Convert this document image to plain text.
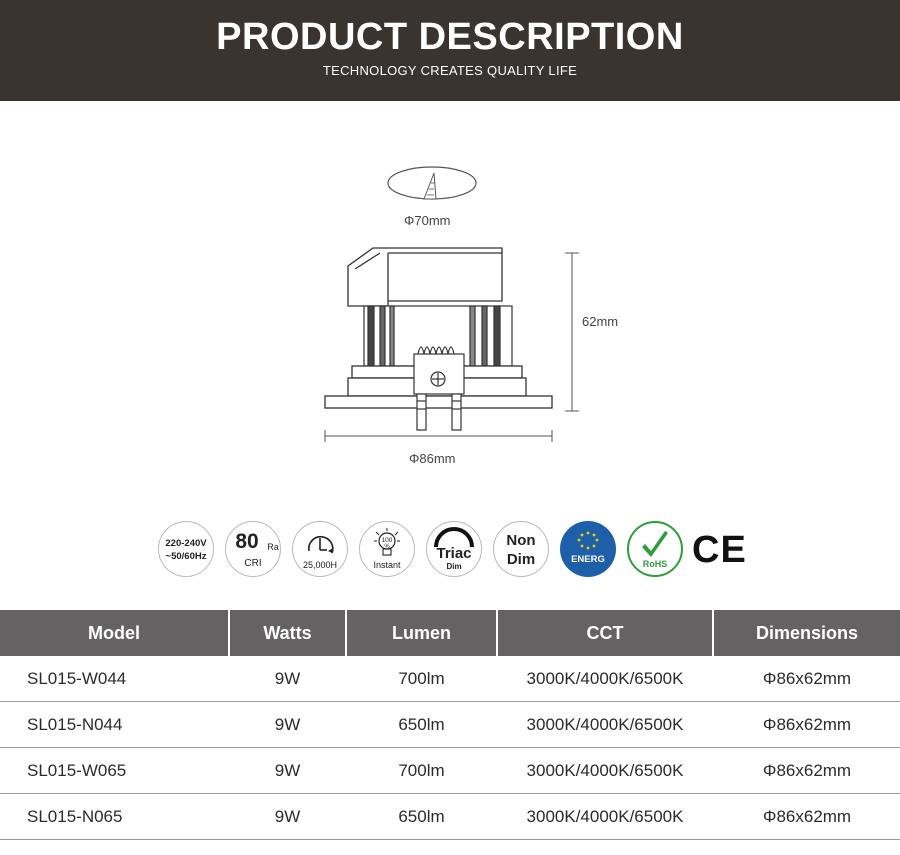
PRODUCT DESCRIPTION
TECHNOLOGY CREATES QUALITY LIFE
Φ70mm
62mm
Φ86mm
220-240V
~50/60Hz
80 Ra
CRI	25,000H
100
%
Instant
Triac
Dim
Non
Dim	ENERG	RoHS CE
Model	Watts	Lumen	CCT	Dimensions
SL015-W044	9W	700lm	3000K/4000K/6500K	Φ86x62mm
SL015-N044	9W	650lm	3000K/4000K/6500K	Φ86x62mm
SL015-W065	9W	700lm	3000K/4000K/6500K	Φ86x62mm
SL015-N065	9W	650lm	3000K/4000K/6500K	Φ86x62mm
